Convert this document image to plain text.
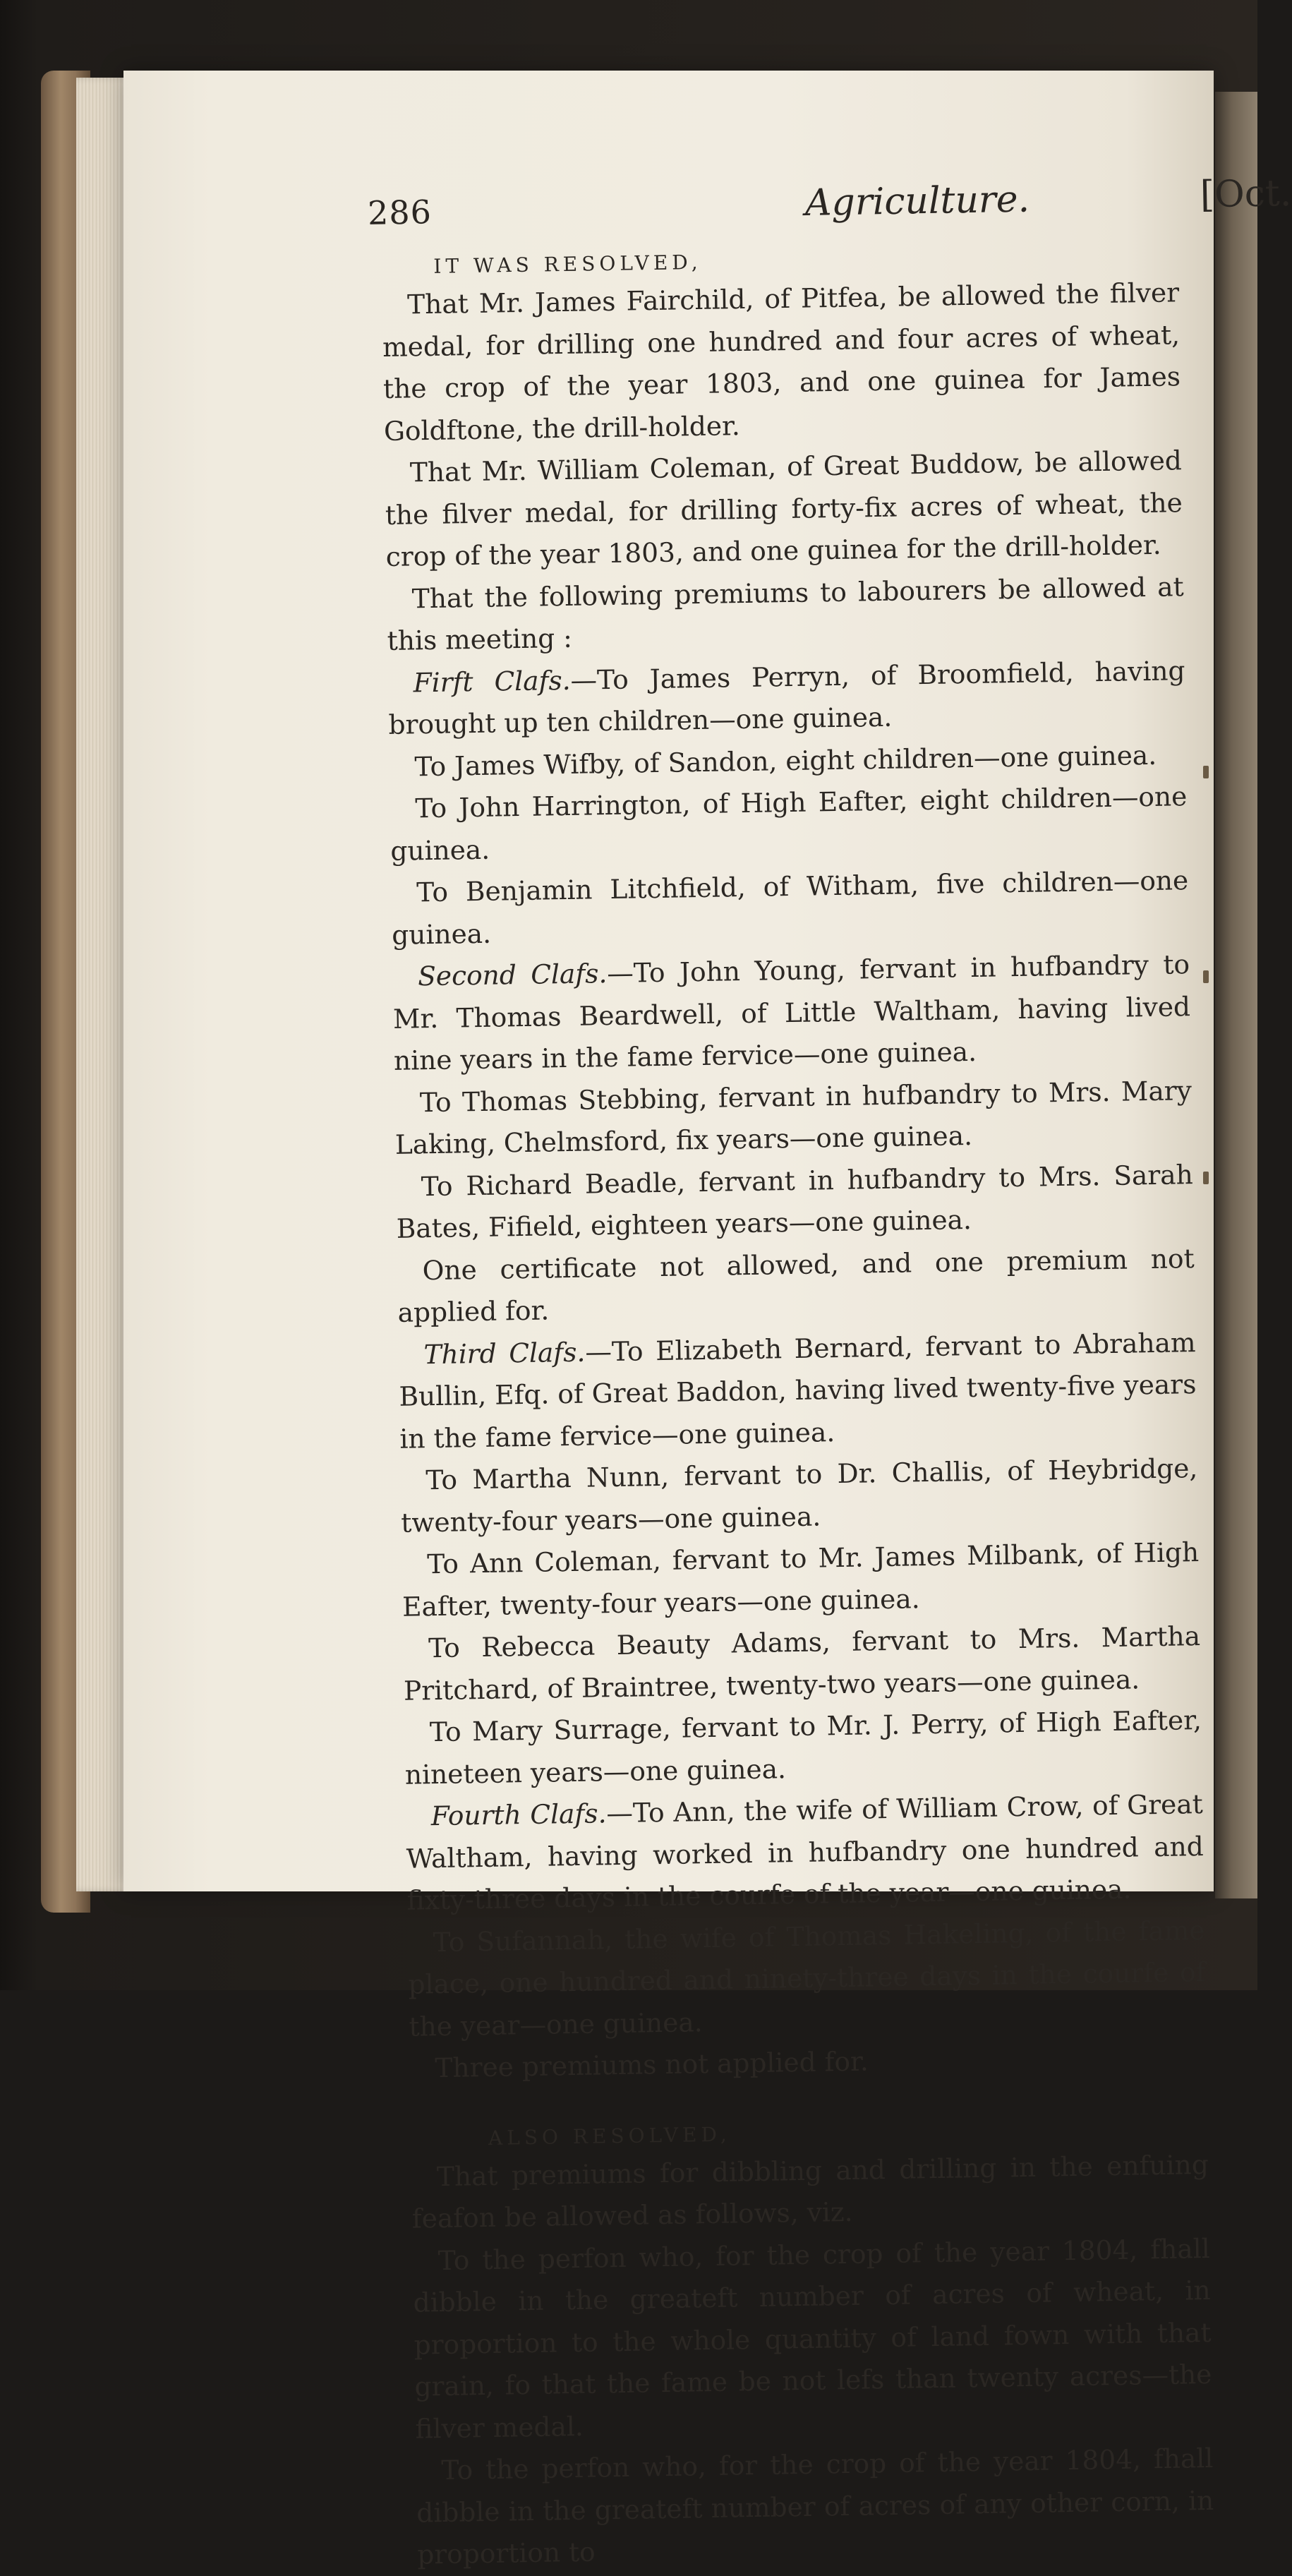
286	Agriculture.	[Oct.

IT WAS RESOLVED,

That Mr. James Fairchild, of Pitfea, be allowed the filver medal, for drilling one hundred and four acres of wheat, the crop of the year 1803, and one guinea for James Goldftone, the drill-holder.

That Mr. William Coleman, of Great Buddow, be allowed the filver medal, for drilling forty-fix acres of wheat, the crop of the year 1803, and one guinea for the drill-holder.

That the following premiums to labourers be allowed at this meeting :

Firft Clafs.—To James Perryn, of Broomfield, having brought up ten children—one guinea.

To James Wifby, of Sandon, eight children—one guinea.

To John Harrington, of High Eafter, eight children—one guinea.

To Benjamin Litchfield, of Witham, five children—one guinea.

Second Clafs.—To John Young, fervant in hufbandry to Mr. Thomas Beardwell, of Little Waltham, having lived nine years in the fame fervice—one guinea.

To Thomas Stebbing, fervant in hufbandry to Mrs. Mary Laking, Chelmsford, fix years—one guinea.

To Richard Beadle, fervant in hufbandry to Mrs. Sarah Bates, Fifield, eighteen years—one guinea.

One certificate not allowed, and one premium not applied for.

Third Clafs.—To Elizabeth Bernard, fervant to Abraham Bullin, Efq. of Great Baddon, having lived twenty-five years in the fame fervice—one guinea.

To Martha Nunn, fervant to Dr. Challis, of Heybridge, twenty-four years—one guinea.

To Ann Coleman, fervant to Mr. James Milbank, of High Eafter, twenty-four years—one guinea.

To Rebecca Beauty Adams, fervant to Mrs. Martha Pritchard, of Braintree, twenty-two years—one guinea.

To Mary Surrage, fervant to Mr. J. Perry, of High Eafter, nineteen years—one guinea.

Fourth Clafs.—To Ann, the wife of William Crow, of Great Waltham, having worked in hufbandry one hundred and fixty-three days in the courfe of the year—one guinea.

To Sufannah, the wife of Thomas Hakeling, of the fame place, one hundred and ninety-three days in the courfe of the year—one guinea.

Three premiums not applied for.

ALSO RESOLVED,

That premiums for dibbling and drilling in the enfuing feafon be allowed as follows, viz.

To the perfon who, for the crop of the year 1804, fhall dibble in the greateft number of acres of wheat, in proportion to the whole quantity of land fown with that grain, fo that the fame be not lefs than twenty acres—the filver medal.

To the perfon who, for the crop of the year 1804, fhall dibble in the greateft number of acres of any other corn, in proportion to
